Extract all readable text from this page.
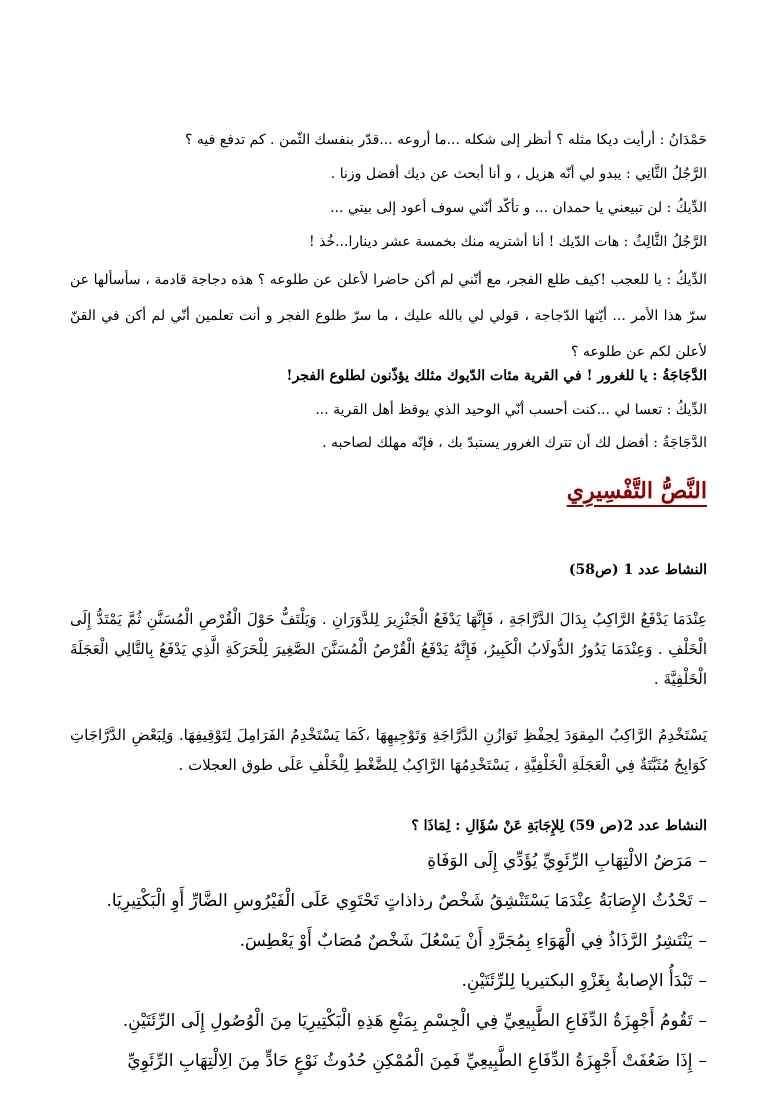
حَمْدَانُ : أرأيت ديكا مثله ؟ أنظر إلى شكله ...ما أروعه ...قدّر بنفسك الثّمن . كم تدفع فيه ؟
الرَّجُلُ الثَّانِي : يبدو لي أنّه هزيل ، و أنا أبحث عن ديك أفضل وزنا .
الدِّيكُ : لن تبيعني يا حمدان ... و تأكّد أنّني سوف أعود إلى بيتي ...
الرَّجُلُ الثَّالِثُ : هات الدّيك ! أنا أشتريه منك بخمسة عشر دينارا...خُذ !
الدِّيكُ : يا للعجب !كيف طلع الفجر، مع أنّني لم أكن حاضرا لأعلن عن طلوعه ؟ هذه دجاجة قادمة ، سأسألها عن سرّ هذا الأمر ... أيّتها الدّجاجة ، قولي لي بالله عليك ، ما سرّ طلوع الفجر و أنت تعلمين أنّي لم أكن في القنّ لأعلن لكم عن طلوعه ؟
الدَّجَاجَةُ : يا للغرور ! في القرية مئات الدّيوك مثلك يؤذّنون لطلوع الفجر!
الدِّيكُ : تعسا لي ...كنت أحسب أنّي الوحيد الذي يوقظ أهل القرية ...
الدَّجَاجَةُ : أفضل لك أن تترك الغرور يستبدّ بك ، فإنّه مهلك لصاحبه .
النَّصُّ التَّفْسِيرِي
النشاط عدد 1 (ص58)
عِنْدَمَا يَدْفَعُ الرَّاكِبُ بِدَالَ الدَّرَّاجَةِ ، فَإِنَّهَا يَدْفَعُ الْجَنْزِيرَ لِلدَّوَرَانِ . وَيَلْتَفُّ حَوْلَ الْقُرْصِ الْمُسَنَّنِ ثُمَّ يَمْتَدُّ إِلَى الْخَلْفِ . وَعِنْدَمَا يَدُورُ الدُّولَابُ الْكَبِيرُ، فَإِنَّهُ يَدْفَعُ الْقُرْصُ الْمُسَنَّنَ الصَّغِيرَ لِلْحَرَكَةِ الَّذِي يَدْفَعُ بِالتَّالِي الْعَجَلَةَ الْخَلْفِيَّةَ .
يَسْتَخْدِمُ الرَّاكِبُ المِقوَدَ لِحِفْظِ تَوَازُنِ الدَّرَّاجَةِ وَتَوْجِيهِهَا ،كَمَا يَسْتَخْدِمُ الفَرَامِلَ لِتَوْقِيفِهَا. وَلِبَعْضِ الدَّرَّاجَاتِ كَوَابِحُ مُثَبَّتَةٌ فِي الْعَجَلَةِ الْخَلْفِيَّةِ ، يَسْتَخْدِمُهَا الرَّاكِبُ لِلضَّغْطِ لِلْخَلْفِ عَلَى طوق العجلات .
النشاط عدد 2(ص 59) لِلإِجَابَةِ عَنْ سُؤَالِ : لِمَاذَا ؟
–مَرَضُ الالْتِهَابِ الرِّئَوِيِّ يُؤَدِّي إِلَى الوَفَاةِ
–تَحْدُثُ الإِصَابَةُ عِنْدَمَا يَسْتَنْشِقُ شَخْصٌ رذاذاتٍ تَحْتَوِي عَلَى الْفَيْرُوسِ الضَّارِّ أَوِ الْبَكْتِيرِيَا.
–يَنْتَشِرُ الرَّذَاذُ فِي الْهَوَاءِ بِمُجَرَّدِ أَنْ يَسْعُلَ شَخْصٌ مُصَابٌ أَوْ يَعْطِسَ.
–تَبْدَأُ الإصابةُ بِغَزْوِ البكتيريا لِلرِّئَتَيْنِ.
–تَقُومُ أَجْهِزَةُ الدِّفَاعِ الطَّبِيعِيِّ فِي الْجِسْمِ بِمَنْعِ هَذِهِ الْبَكْتِيرِيَا مِنَ الْوُصُولِ إِلَى الرِّئَتَيْنِ.
–إِذَا ضَعُفَتْ أَجْهِزَةُ الدِّفَاعِ الطَّبِيعِيِّ فَمِنَ الْمُمْكِنِ حُدُوثُ نَوْعٍ حَادٍّ مِنَ الِالْتِهَابِ الرِّئَوِيِّ
